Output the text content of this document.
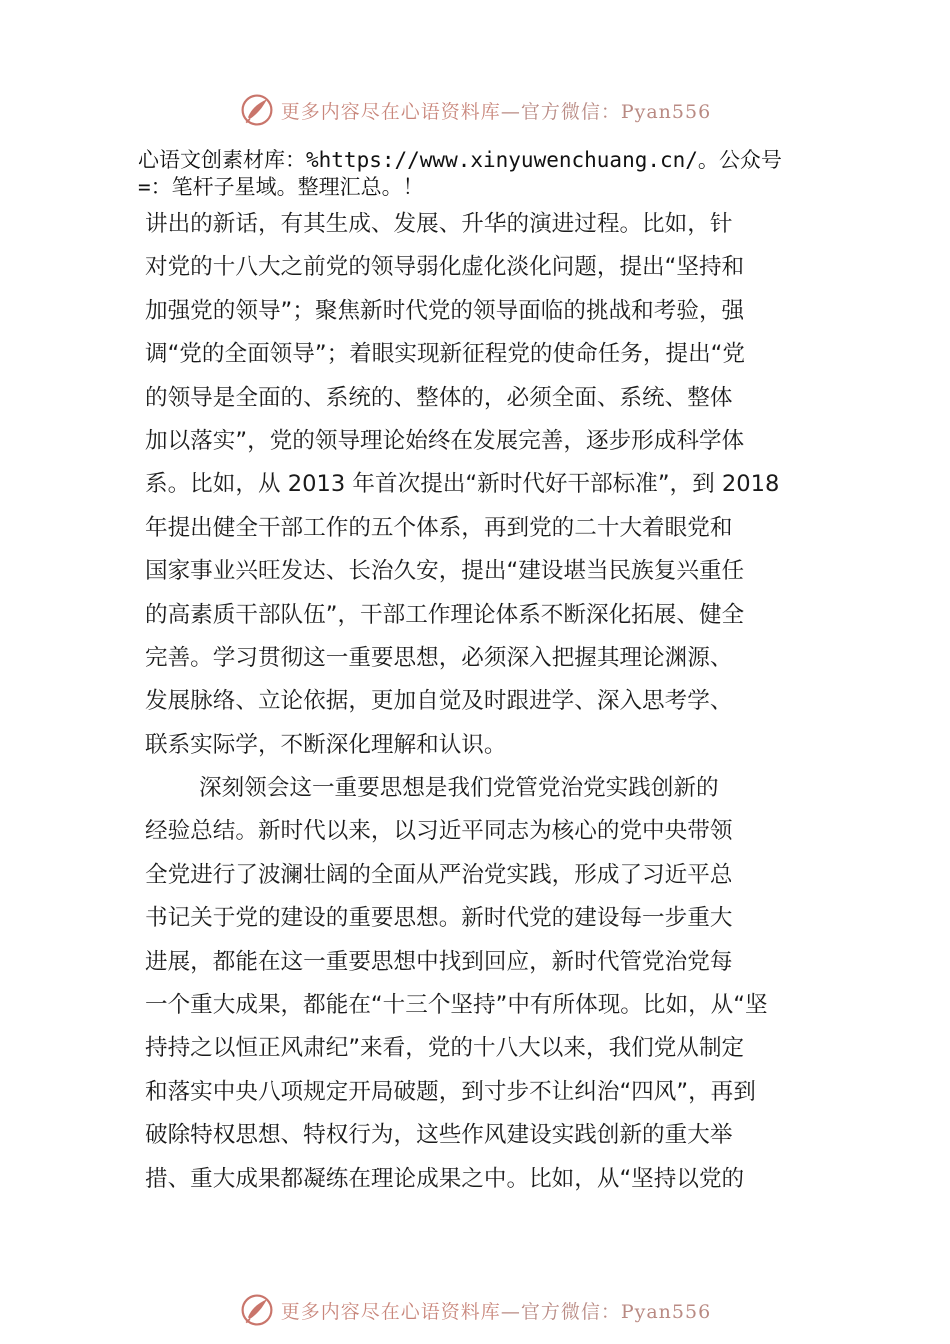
更多内容尽在心语资料库—官方微信：Pyan556
心语文创素材库：%https://www.xinyuwenchuang.cn/。公众号
=：笔杆子星域。整理汇总。！
讲出的新话，有其生成、发展、升华的演进过程。比如，针
对党的十八大之前党的领导弱化虚化淡化问题，提出“坚持和
加强党的领导”；聚焦新时代党的领导面临的挑战和考验，强
调“党的全面领导”；着眼实现新征程党的使命任务，提出“党
的领导是全面的、系统的、整体的，必须全面、系统、整体
加以落实”，党的领导理论始终在发展完善，逐步形成科学体
系。比如，从 2013 年首次提出“新时代好干部标准”，到 2018
年提出健全干部工作的五个体系，再到党的二十大着眼党和
国家事业兴旺发达、长治久安，提出“建设堪当民族复兴重任
的高素质干部队伍”，干部工作理论体系不断深化拓展、健全
完善。学习贯彻这一重要思想，必须深入把握其理论渊源、
发展脉络、立论依据，更加自觉及时跟进学、深入思考学、
联系实际学，不断深化理解和认识。
深刻领会这一重要思想是我们党管党治党实践创新的
经验总结。新时代以来，以习近平同志为核心的党中央带领
全党进行了波澜壮阔的全面从严治党实践，形成了习近平总
书记关于党的建设的重要思想。新时代党的建设每一步重大
进展，都能在这一重要思想中找到回应，新时代管党治党每
一个重大成果，都能在“十三个坚持”中有所体现。比如，从“坚
持持之以恒正风肃纪”来看，党的十八大以来，我们党从制定
和落实中央八项规定开局破题，到寸步不让纠治“四风”，再到
破除特权思想、特权行为，这些作风建设实践创新的重大举
措、重大成果都凝练在理论成果之中。比如，从“坚持以党的
更多内容尽在心语资料库—官方微信：Pyan556
